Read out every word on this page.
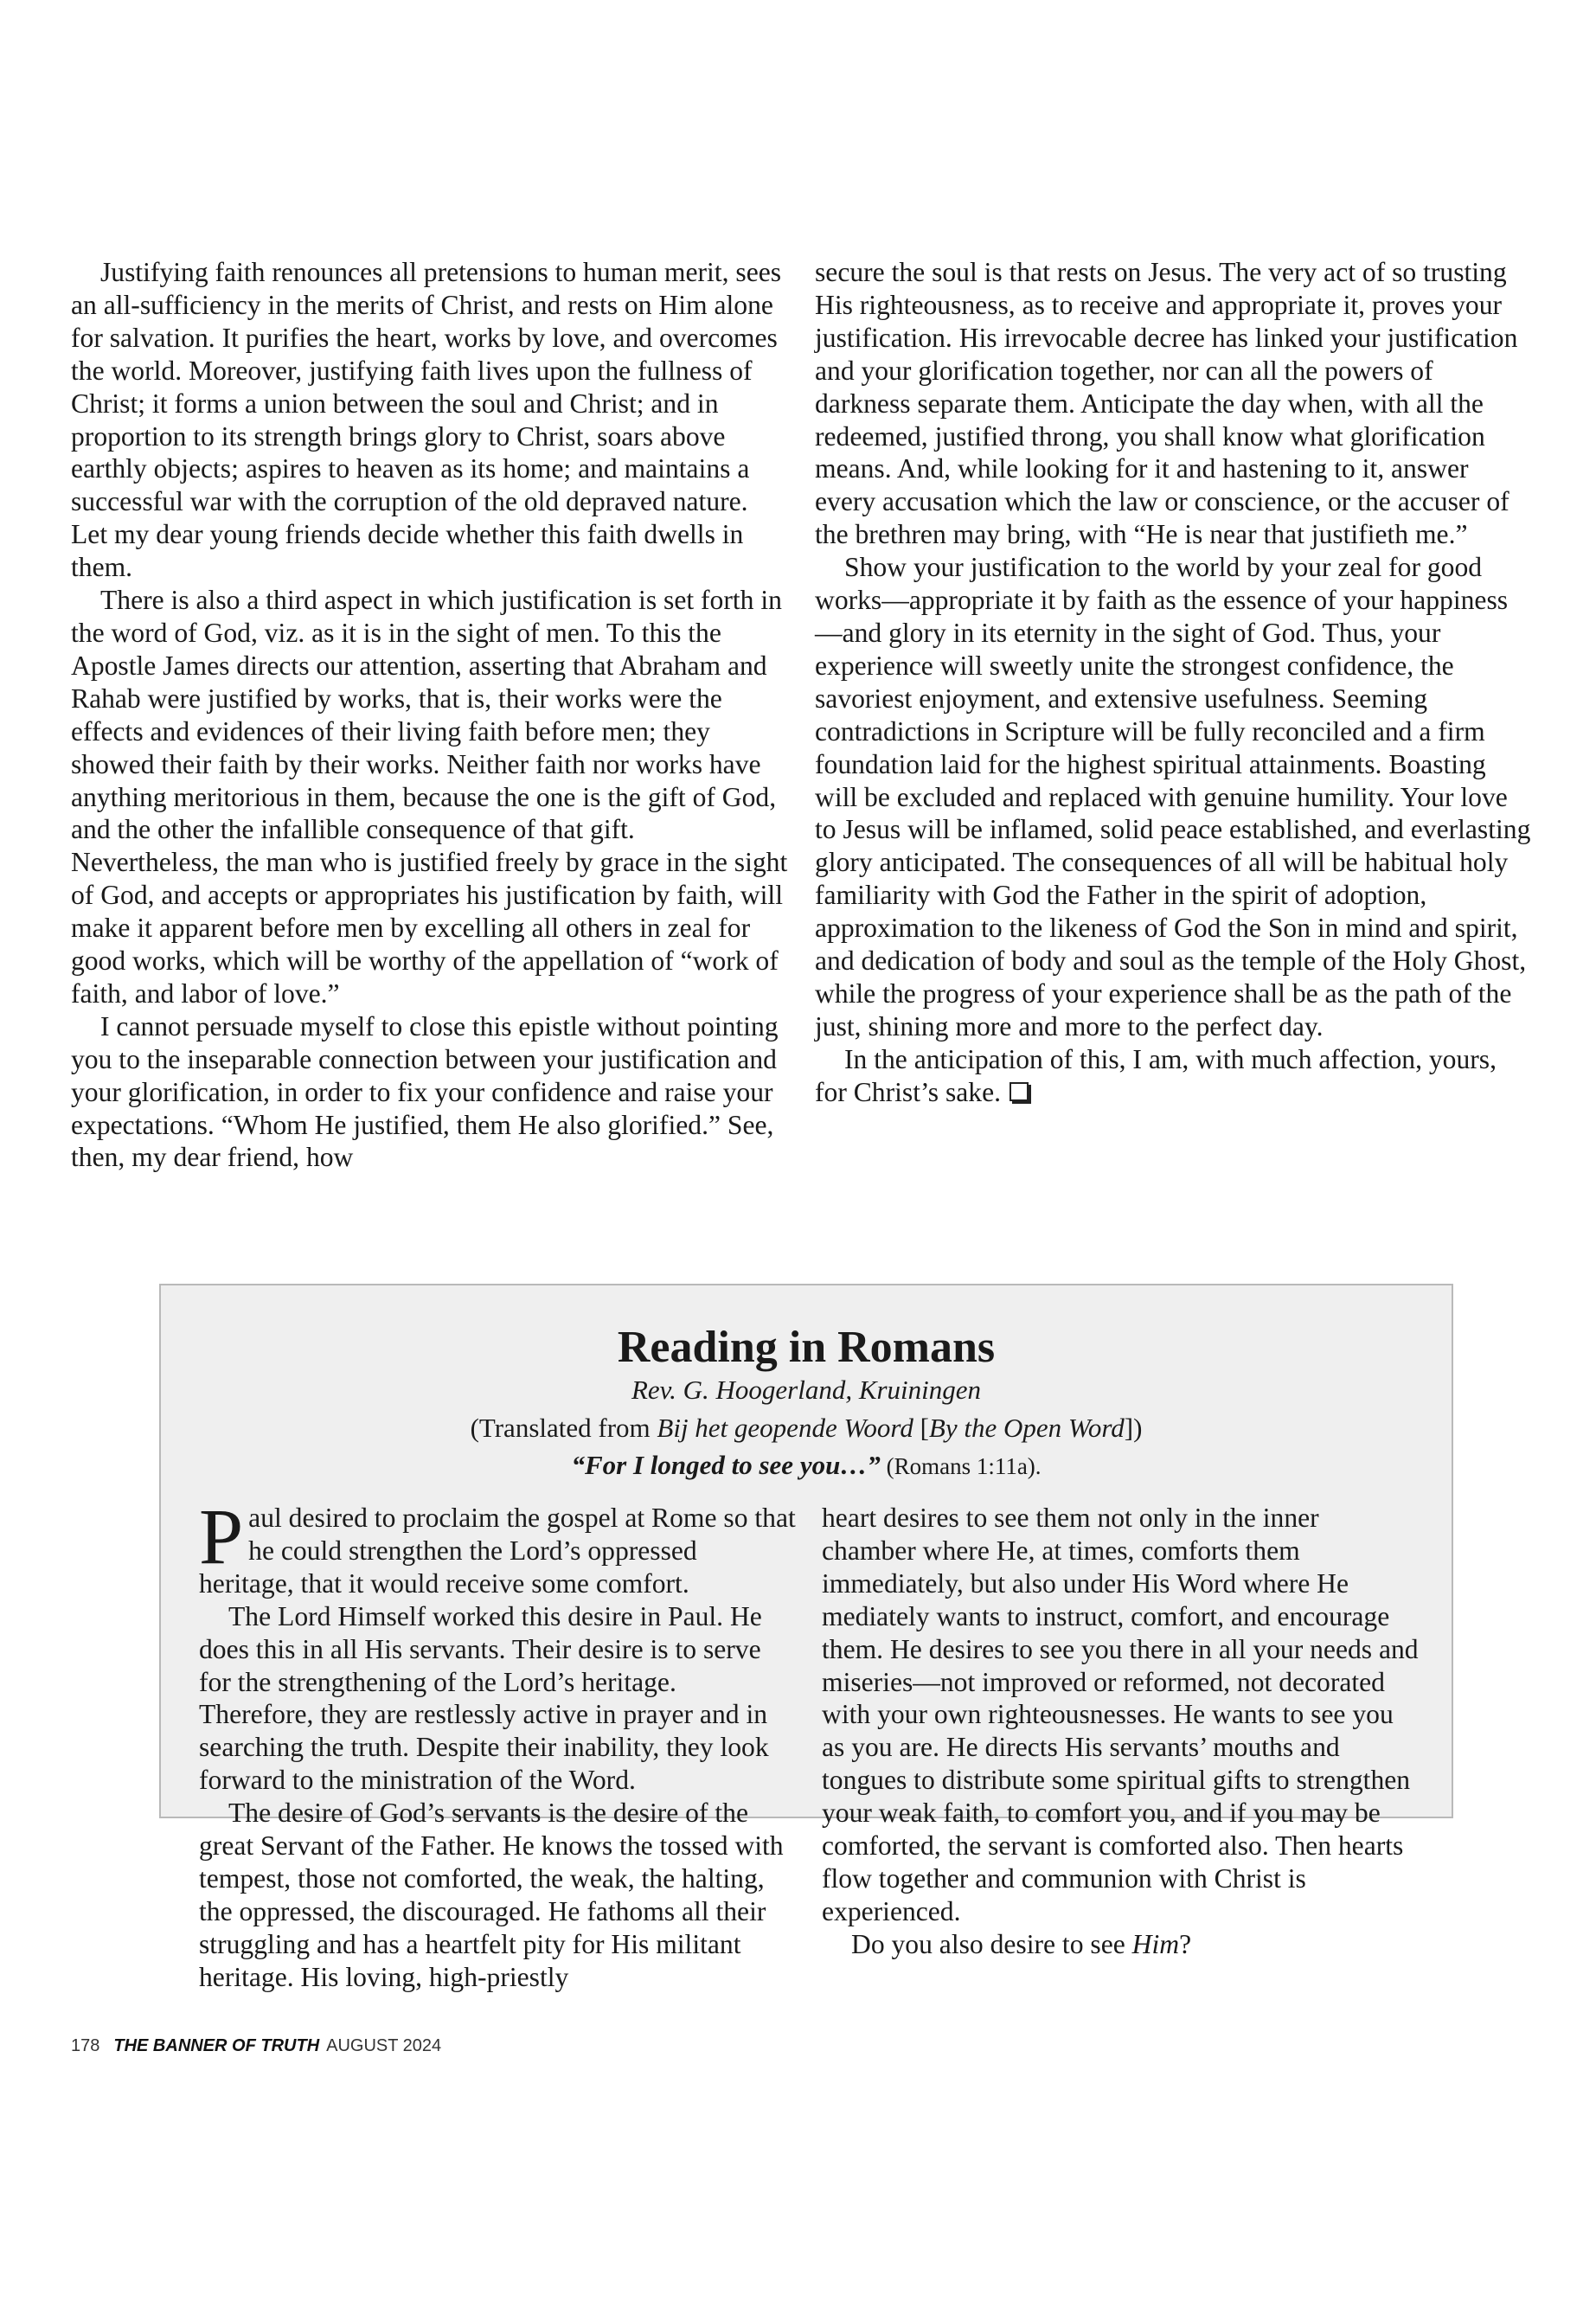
Justifying faith renounces all pretensions to human merit, sees an all-sufficiency in the merits of Christ, and rests on Him alone for salvation. It purifies the heart, works by love, and overcomes the world. Moreover, justifying faith lives upon the fullness of Christ; it forms a union between the soul and Christ; and in proportion to its strength brings glory to Christ, soars above earthly objects; aspires to heaven as its home; and maintains a successful war with the corruption of the old depraved nature. Let my dear young friends decide whether this faith dwells in them.

There is also a third aspect in which justification is set forth in the word of God, viz. as it is in the sight of men. To this the Apostle James directs our attention, asserting that Abraham and Rahab were justified by works, that is, their works were the effects and evidences of their living faith before men; they showed their faith by their works. Neither faith nor works have anything meritorious in them, because the one is the gift of God, and the other the infallible consequence of that gift. Nevertheless, the man who is justified freely by grace in the sight of God, and accepts or appropriates his justification by faith, will make it apparent before men by excelling all others in zeal for good works, which will be worthy of the appellation of “work of faith, and labor of love.”

I cannot persuade myself to close this epistle without pointing you to the inseparable connection between your justification and your glorification, in order to fix your confidence and raise your expectations. “Whom He justified, them He also glorified.” See, then, my dear friend, how

secure the soul is that rests on Jesus. The very act of so trusting His righteousness, as to receive and appropriate it, proves your justification. His irrevocable decree has linked your justification and your glorification together, nor can all the powers of darkness separate them. Anticipate the day when, with all the redeemed, justified throng, you shall know what glorification means. And, while looking for it and hastening to it, answer every accusation which the law or conscience, or the accuser of the brethren may bring, with “He is near that justifieth me.”

Show your justification to the world by your zeal for good works—appropriate it by faith as the essence of your happiness—and glory in its eternity in the sight of God. Thus, your experience will sweetly unite the strongest confidence, the savoriest enjoyment, and extensive usefulness. Seeming contradictions in Scripture will be fully reconciled and a firm foundation laid for the highest spiritual attainments. Boasting will be excluded and replaced with genuine humility. Your love to Jesus will be inflamed, solid peace established, and everlasting glory anticipated. The consequences of all will be habitual holy familiarity with God the Father in the spirit of adoption, approximation to the likeness of God the Son in mind and spirit, and dedication of body and soul as the temple of the Holy Ghost, while the progress of your experience shall be as the path of the just, shining more and more to the perfect day.

In the anticipation of this, I am, with much affection, yours, for Christ’s sake.

Reading in Romans
Rev. G. Hoogerland, Kruiningen
(Translated from Bij het geopende Woord [By the Open Word])
“For I longed to see you…” (Romans 1:11a).

Paul desired to proclaim the gospel at Rome so that he could strengthen the Lord’s oppressed heritage, that it would receive some comfort.

The Lord Himself worked this desire in Paul. He does this in all His servants. Their desire is to serve for the strengthening of the Lord’s heritage. Therefore, they are restlessly active in prayer and in searching the truth. Despite their inability, they look forward to the ministration of the Word.

The desire of God’s servants is the desire of the great Servant of the Father. He knows the tossed with tempest, those not comforted, the weak, the halting, the oppressed, the discouraged. He fathoms all their struggling and has a heartfelt pity for His militant heritage. His loving, high-priestly

heart desires to see them not only in the inner chamber where He, at times, comforts them immediately, but also under His Word where He mediately wants to instruct, comfort, and encourage them. He desires to see you there in all your needs and miseries—not improved or reformed, not decorated with your own righteousnesses. He wants to see you as you are. He directs His servants’ mouths and tongues to distribute some spiritual gifts to strengthen your weak faith, to comfort you, and if you may be comforted, the servant is comforted also. Then hearts flow together and communion with Christ is experienced.

Do you also desire to see Him?

178 THE BANNER OF TRUTH AUGUST 2024
